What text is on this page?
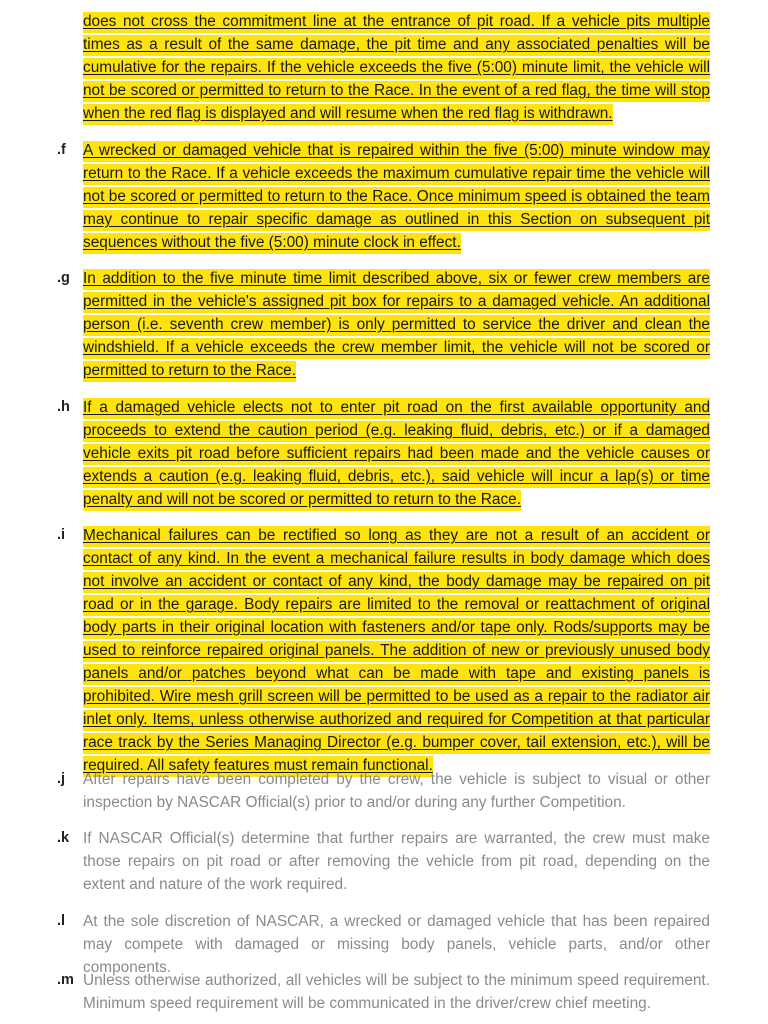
does not cross the commitment line at the entrance of pit road. If a vehicle pits multiple times as a result of the same damage, the pit time and any associated penalties will be cumulative for the repairs. If the vehicle exceeds the five (5:00) minute limit, the vehicle will not be scored or permitted to return to the Race. In the event of a red flag, the time will stop when the red flag is displayed and will resume when the red flag is withdrawn.
.f A wrecked or damaged vehicle that is repaired within the five (5:00) minute window may return to the Race. If a vehicle exceeds the maximum cumulative repair time the vehicle will not be scored or permitted to return to the Race. Once minimum speed is obtained the team may continue to repair specific damage as outlined in this Section on subsequent pit sequences without the five (5:00) minute clock in effect.
.g In addition to the five minute time limit described above, six or fewer crew members are permitted in the vehicle's assigned pit box for repairs to a damaged vehicle. An additional person (i.e. seventh crew member) is only permitted to service the driver and clean the windshield. If a vehicle exceeds the crew member limit, the vehicle will not be scored or permitted to return to the Race.
.h If a damaged vehicle elects not to enter pit road on the first available opportunity and proceeds to extend the caution period (e.g. leaking fluid, debris, etc.) or if a damaged vehicle exits pit road before sufficient repairs had been made and the vehicle causes or extends a caution (e.g. leaking fluid, debris, etc.), said vehicle will incur a lap(s) or time penalty and will not be scored or permitted to return to the Race.
.i Mechanical failures can be rectified so long as they are not a result of an accident or contact of any kind. In the event a mechanical failure results in body damage which does not involve an accident or contact of any kind, the body damage may be repaired on pit road or in the garage. Body repairs are limited to the removal or reattachment of original body parts in their original location with fasteners and/or tape only. Rods/supports may be used to reinforce repaired original panels. The addition of new or previously unused body panels and/or patches beyond what can be made with tape and existing panels is prohibited. Wire mesh grill screen will be permitted to be used as a repair to the radiator air inlet only. Items, unless otherwise authorized and required for Competition at that particular race track by the Series Managing Director (e.g. bumper cover, tail extension, etc.), will be required. All safety features must remain functional.
.j After repairs have been completed by the crew, the vehicle is subject to visual or other inspection by NASCAR Official(s) prior to and/or during any further Competition.
.k If NASCAR Official(s) determine that further repairs are warranted, the crew must make those repairs on pit road or after removing the vehicle from pit road, depending on the extent and nature of the work required.
.l At the sole discretion of NASCAR, a wrecked or damaged vehicle that has been repaired may compete with damaged or missing body panels, vehicle parts, and/or other components.
.m Unless otherwise authorized, all vehicles will be subject to the minimum speed requirement. Minimum speed requirement will be communicated in the driver/crew chief meeting.
